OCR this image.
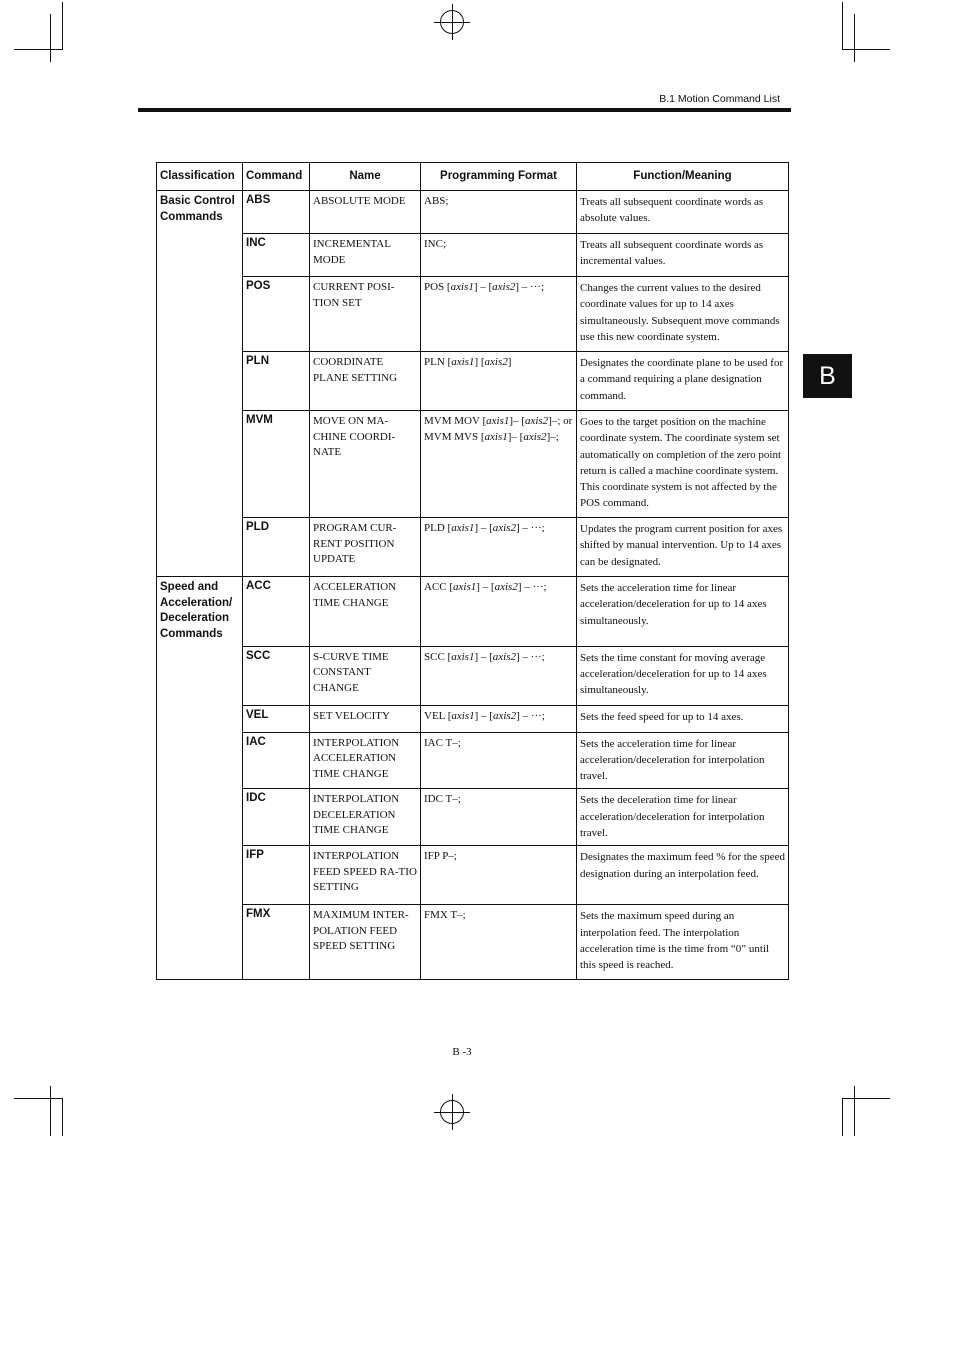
B.1 Motion Command List
B
Classification	Command	Name	Programming Format	Function/Meaning
Basic Control Commands	ABS	ABSOLUTE MODE	ABS;	Treats all subsequent coordinate words as absolute values.
	INC	INCREMENTAL MODE	INC;	Treats all subsequent coordinate words as incremental values.
	POS	CURRENT POSI-TION SET	POS [axis1] – [axis2] – ···;	Changes the current values to the desired coordinate values for up to 14 axes simultaneously. Subsequent move commands use this new coordinate system.
	PLN	COORDINATE PLANE SETTING	PLN [axis1] [axis2]	Designates the coordinate plane to be used for a command requiring a plane designation command.
	MVM	MOVE ON MA-CHINE COORDI-NATE	MVM MOV [axis1]– [axis2]–; or MVM MVS [axis1]– [axis2]–;	Goes to the target position on the machine coordinate system. The coordinate system set automatically on completion of the zero point return is called a machine coordinate system. This coordinate system is not affected by the POS command.
	PLD	PROGRAM CUR-RENT POSITION UPDATE	PLD [axis1] – [axis2] – ···;	Updates the program current position for axes shifted by manual intervention. Up to 14 axes can be designated.
Speed and Acceleration/ Deceleration Commands	ACC	ACCELERATION TIME CHANGE	ACC [axis1] – [axis2] – ···;	Sets the acceleration time for linear acceleration/deceleration for up to 14 axes simultaneously.
	SCC	S-CURVE TIME CONSTANT CHANGE	SCC [axis1] – [axis2] – ···;	Sets the time constant for moving average acceleration/deceleration for up to 14 axes simultaneously.
	VEL	SET VELOCITY	VEL [axis1] – [axis2] – ···;	Sets the feed speed for up to 14 axes.
	IAC	INTERPOLATION ACCELERATION TIME CHANGE	IAC T–;	Sets the acceleration time for linear acceleration/deceleration for interpolation travel.
	IDC	INTERPOLATION DECELERATION TIME CHANGE	IDC T–;	Sets the deceleration time for linear acceleration/deceleration for interpolation travel.
	IFP	INTERPOLATION FEED SPEED RA-TIO SETTING	IFP P–;	Designates the maximum feed % for the speed designation during an interpolation feed.
	FMX	MAXIMUM INTER-POLATION FEED SPEED SETTING	FMX T–;	Sets the maximum speed during an interpolation feed. The interpolation acceleration time is the time from “0” until this speed is reached.
B -3
